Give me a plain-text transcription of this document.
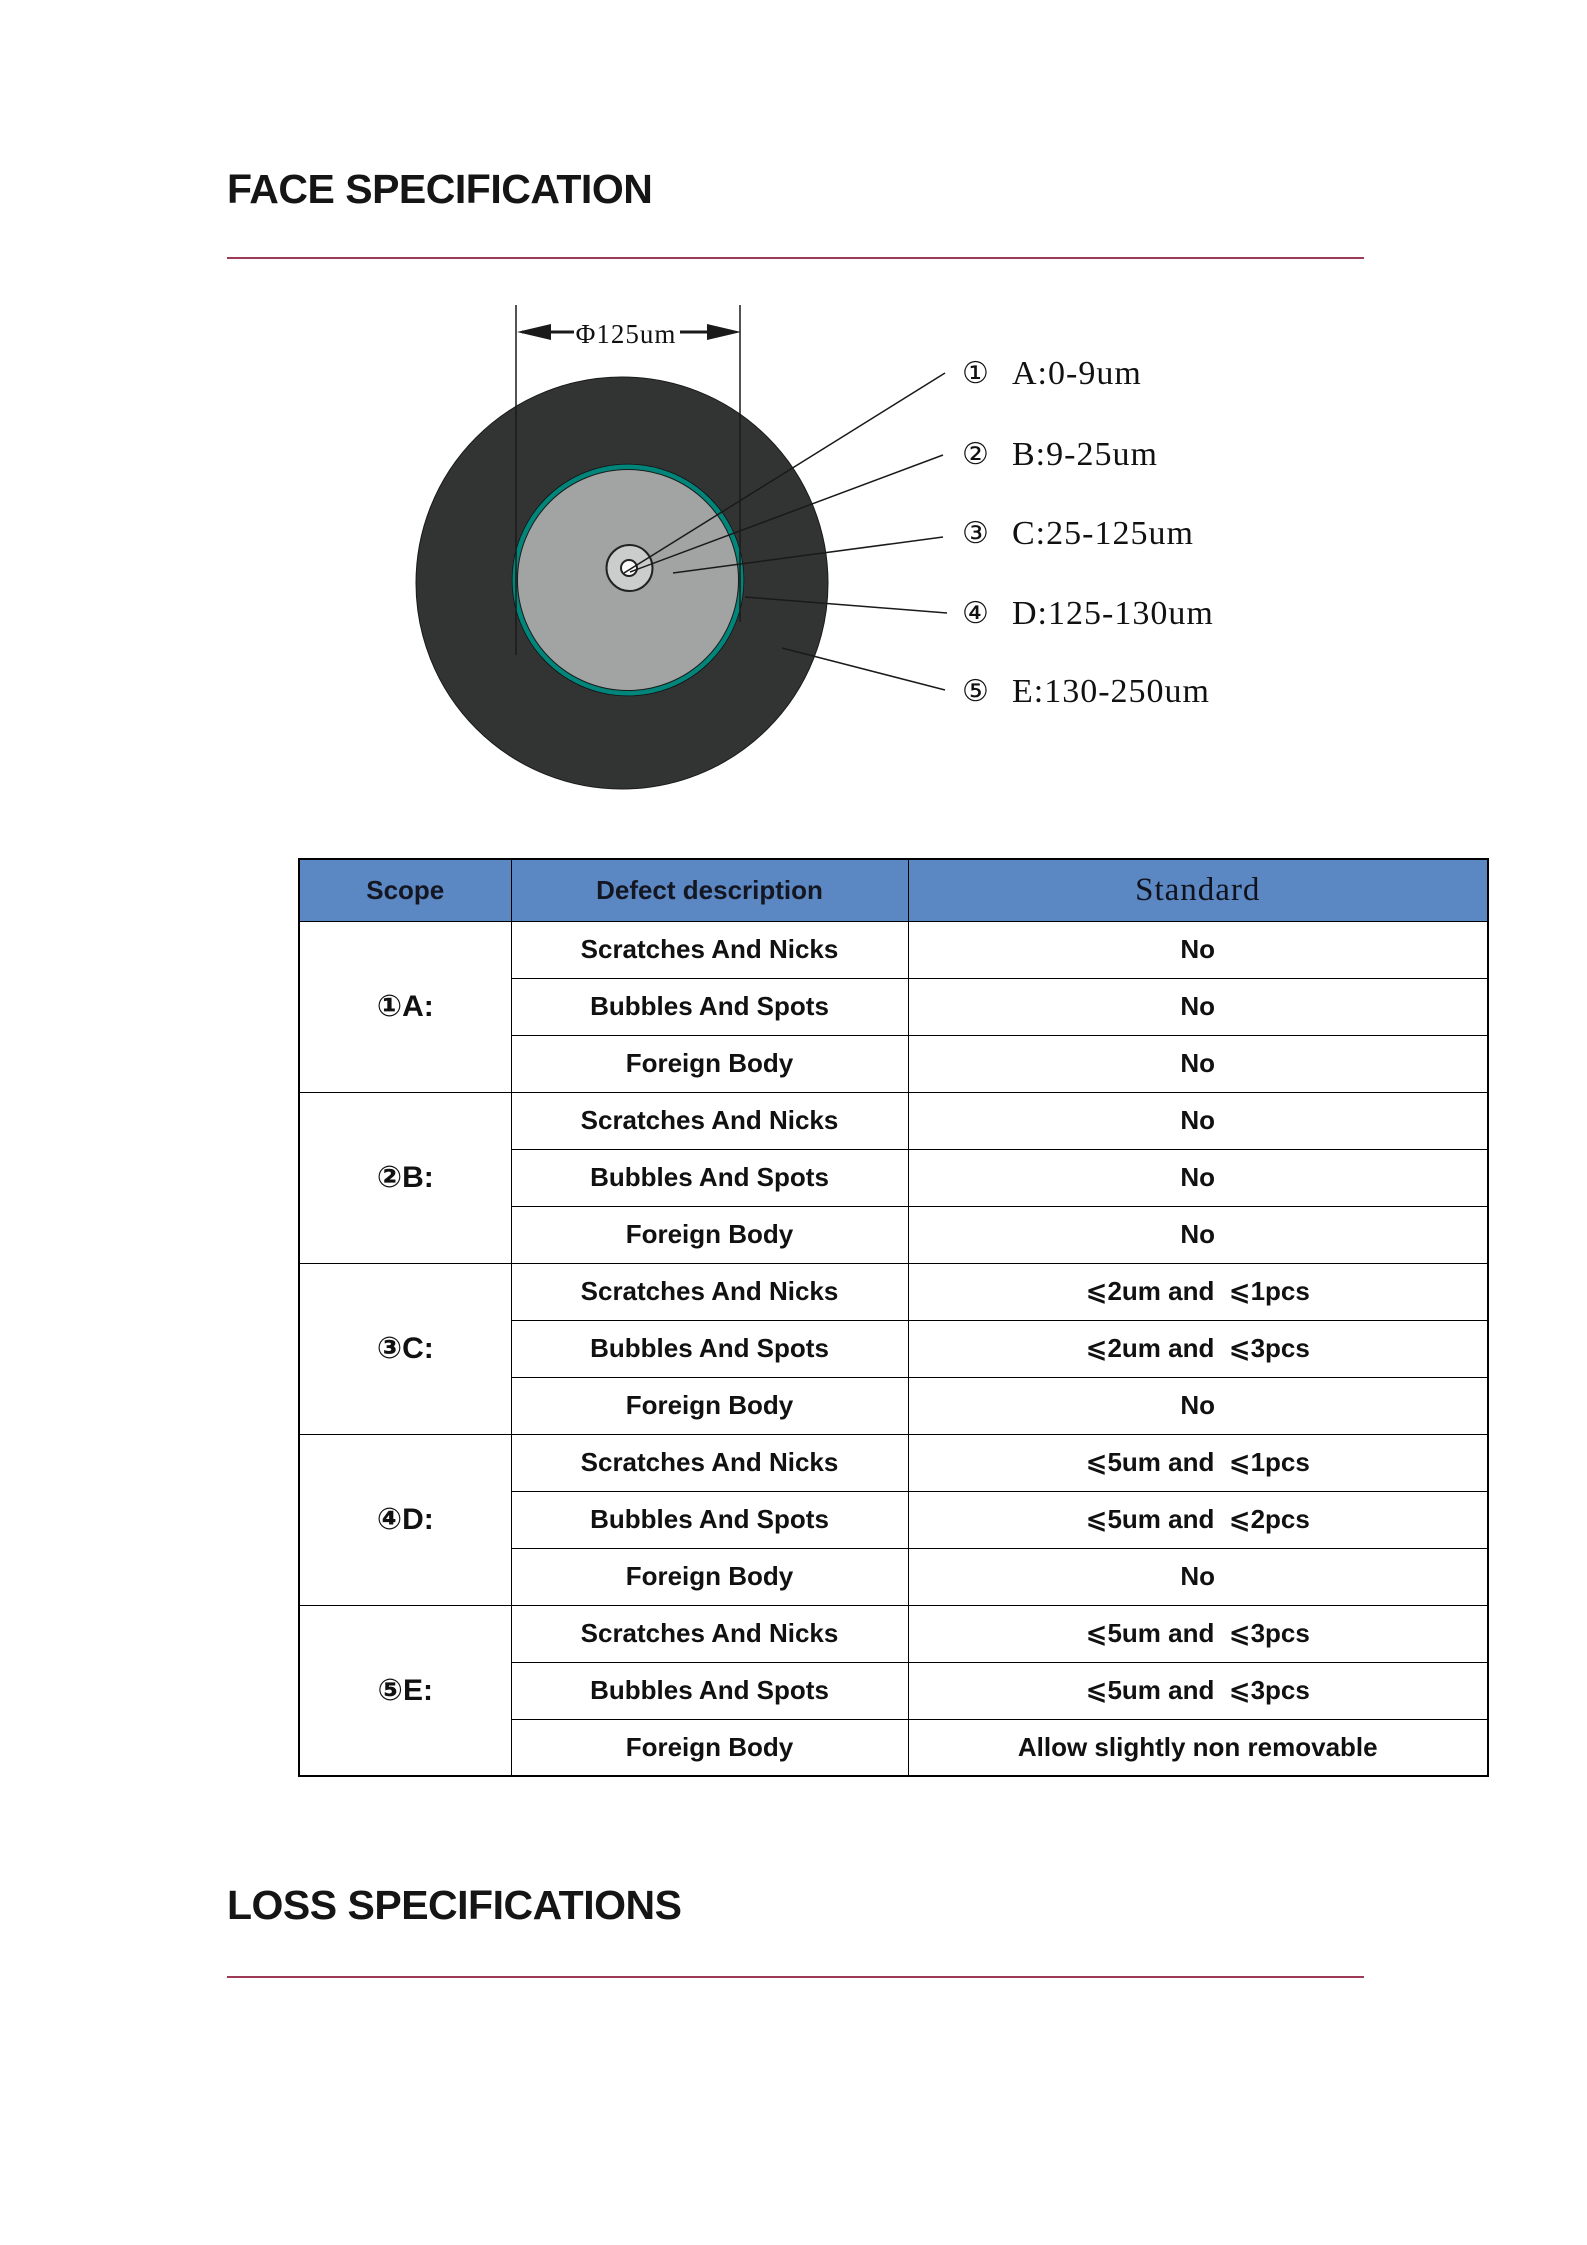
FACE SPECIFICATION
Φ125um
① A:0-9um
② B:9-25um
③ C:25-125um
④ D:125-130um
⑤ E:130-250um
Scope	Defect description	Standard
①A:	Scratches And Nicks	No
	Bubbles And Spots	No
	Foreign Body	No
②B:	Scratches And Nicks	No
	Bubbles And Spots	No
	Foreign Body	No
③C:	Scratches And Nicks	⩽2um and  ⩽1pcs
	Bubbles And Spots	⩽2um and  ⩽3pcs
	Foreign Body	No
④D:	Scratches And Nicks	⩽5um and  ⩽1pcs
	Bubbles And Spots	⩽5um and  ⩽2pcs
	Foreign Body	No
⑤E:	Scratches And Nicks	⩽5um and  ⩽3pcs
	Bubbles And Spots	⩽5um and  ⩽3pcs
	Foreign Body	Allow slightly non removable
LOSS SPECIFICATIONS
